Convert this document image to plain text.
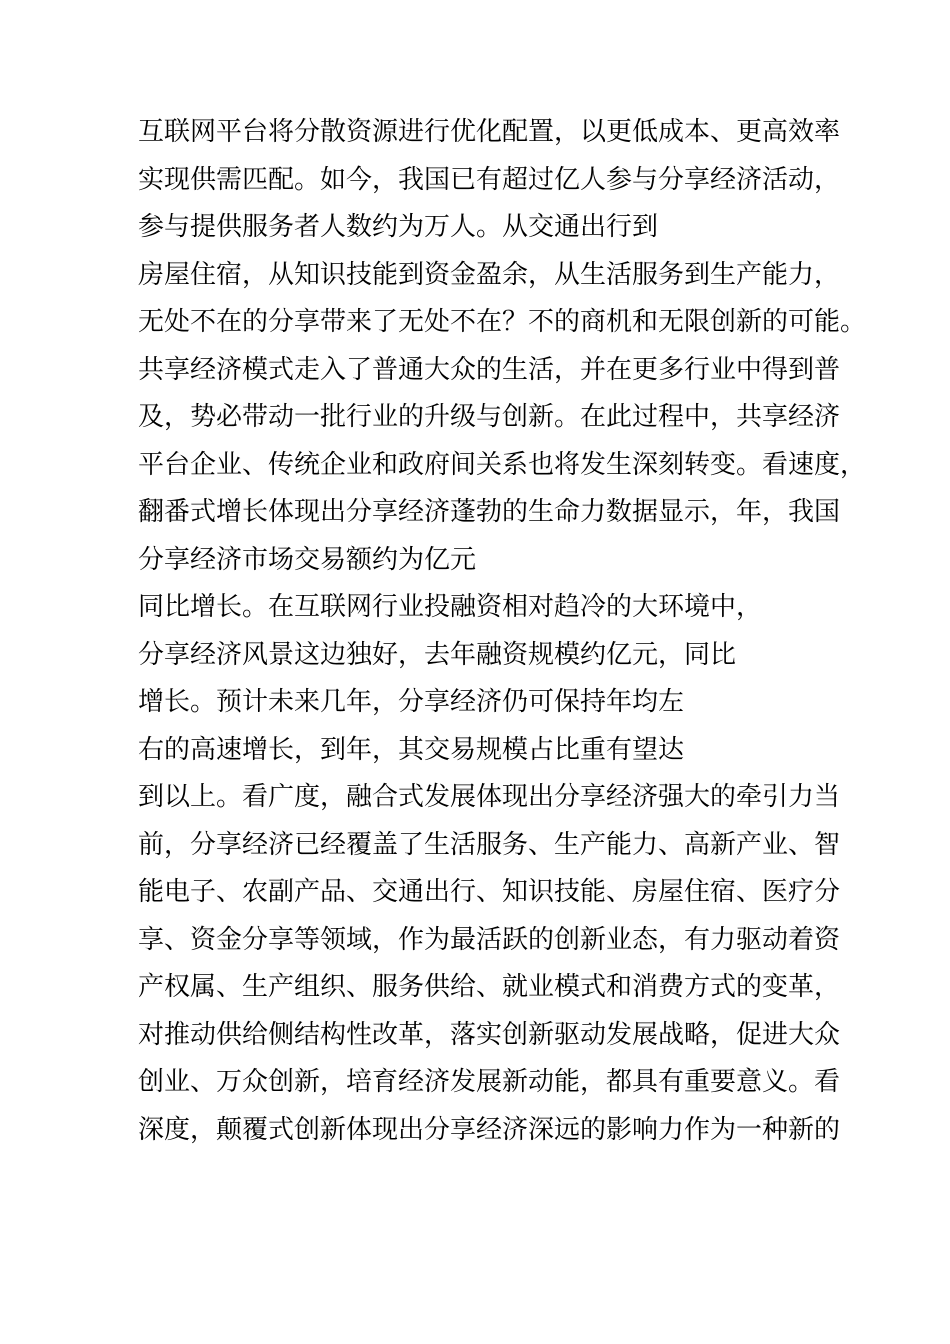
互联网平台将分散资源进行优化配置，以更低成本、更高效率
实现供需匹配。如今，我国已有超过亿人参与分享经济活动，
参与提供服务者人数约为万人。从交通出行到
房屋住宿，从知识技能到资金盈余，从生活服务到生产能力，
无处不在的分享带来了无处不在？不的商机和无限创新的可能。
共享经济模式走入了普通大众的生活，并在更多行业中得到普
及，势必带动一批行业的升级与创新。在此过程中，共享经济
平台企业、传统企业和政府间关系也将发生深刻转变。看速度，
翻番式增长体现出分享经济蓬勃的生命力数据显示，年，我国
分享经济市场交易额约为亿元
同比增长。在互联网行业投融资相对趋冷的大环境中，
分享经济风景这边独好，去年融资规模约亿元，同比
增长。预计未来几年，分享经济仍可保持年均左
右的高速增长，到年，其交易规模占比重有望达
到以上。看广度，融合式发展体现出分享经济强大的牵引力当
前，分享经济已经覆盖了生活服务、生产能力、高新产业、智
能电子、农副产品、交通出行、知识技能、房屋住宿、医疗分
享、资金分享等领域，作为最活跃的创新业态，有力驱动着资
产权属、生产组织、服务供给、就业模式和消费方式的变革，
对推动供给侧结构性改革，落实创新驱动发展战略，促进大众
创业、万众创新，培育经济发展新动能，都具有重要意义。看
深度，颠覆式创新体现出分享经济深远的影响力作为一种新的
